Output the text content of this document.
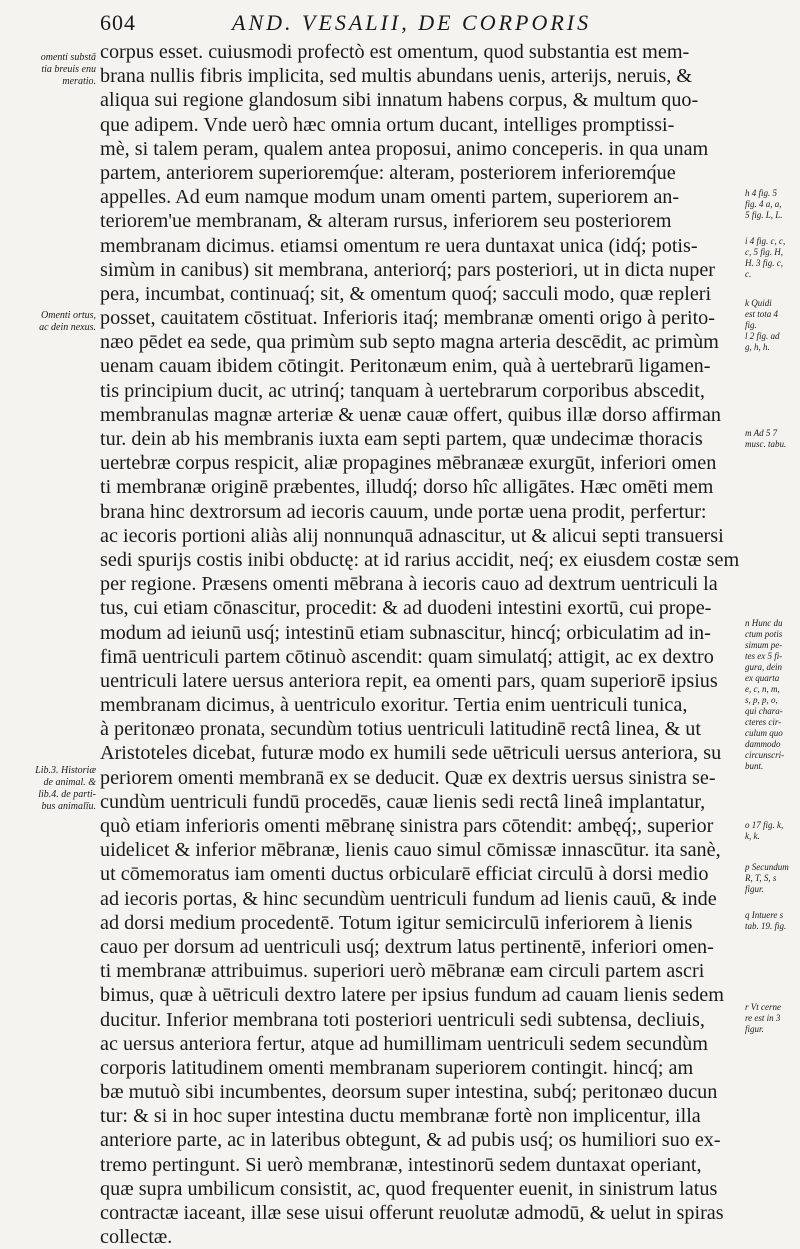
604	AND. VESALII, DE CORPORIS
corpus esset. cuiusmodi profectò est omentum, quod substantia est mem-
brana nullis fibris implicita, sed multis abundans uenis, arterijs, neruis, &
aliqua sui regione glandosum sibi innatum habens corpus, & multum quo-
que adipem. Vnde uerò hæc omnia ortum ducant, intelliges promptissi-
mè, si talem peram, qualem antea proposui, animo conceperis. in qua unam
partem, anteriorem superioremq́ue: alteram, posteriorem inferioremq́ue
appelles. Ad eum namque modum unam omenti partem, superiorem an-
teriorem'ue membranam, & alteram rursus, inferiorem seu posteriorem
membranam dicimus. etiamsi omentum re uera duntaxat unica (idq́; potis-
simùm in canibus) sit membrana, anteriorq́; pars posteriori, ut in dicta nuper
pera, incumbat, continuaq́; sit, & omentum quoq́; sacculi modo, quæ repleri
posset, cauitatem cōstituat. Inferioris itaq́; membranæ omenti origo à perito-
næo pēdet ea sede, qua primùm sub septo magna arteria descēdit, ac primùm
uenam cauam ibidem cōtingit. Peritonæum enim, quà à uertebrarū ligamen-
tis principium ducit, ac utrinq́; tanquam à uertebrarum corporibus abscedit,
membranulas magnæ arteriæ & uenæ cauæ offert, quibus illæ dorso affirman
tur. dein ab his membranis iuxta eam septi partem, quæ undecimæ thoracis
uertebræ corpus respicit, aliæ propagines mēbranææ exurgūt, inferiori omen
ti membranæ originē præbentes, illudq́; dorso hîc alligātes. Hæc omēti mem
brana hinc dextrorsum ad iecoris cauum, unde portæ uena prodit, perfertur:
ac iecoris portioni aliàs alij nonnunquā adnascitur, ut & alicui septi transuersi
sedi spurijs costis inibi obductę: at id rarius accidit, neq́; ex eiusdem costæ sem
per regione. Præsens omenti mēbrana à iecoris cauo ad dextrum uentriculi la
tus, cui etiam cōnascitur, procedit: & ad duodeni intestini exortū, cui prope-
modum ad ieiunū usq́; intestinū etiam subnascitur, hincq́; orbiculatim ad in-
fimā uentriculi partem cōtinuò ascendit: quam simulatq́; attigit, ac ex dextro
uentriculi latere uersus anteriora repit, ea omenti pars, quam superiorē ipsius
membranam dicimus, à uentriculo exoritur. Tertia enim uentriculi tunica,
à peritonæo pronata, secundùm totius uentriculi latitudinē rectâ linea, & ut
Aristoteles dicebat, futuræ modo ex humili sede uētriculi uersus anteriora, su
periorem omenti membranā ex se deducit. Quæ ex dextris uersus sinistra se-
cundùm uentriculi fundū procedēs, cauæ lienis sedi rectâ lineâ implantatur,
quò etiam inferioris omenti mēbranę sinistra pars cōtendit: ambęq́;, superior
uidelicet & inferior mēbranæ, lienis cauo simul cōmissæ innascūtur. ita sanè,
ut cōmemoratus iam omenti ductus orbicularē efficiat circulū à dorsi medio
ad iecoris portas, & hinc secundùm uentriculi fundum ad lienis cauū, & inde
ad dorsi medium procedentē. Totum igitur semicirculū inferiorem à lienis
cauo per dorsum ad uentriculi usq́; dextrum latus pertinentē, inferiori omen-
ti membranæ attribuimus. superiori uerò mēbranæ eam circuli partem ascri
bimus, quæ à uētriculi dextro latere per ipsius fundum ad cauam lienis sedem
ducitur. Inferior membrana toti posteriori uentriculi sedi subtensa, decliuis,
ac uersus anteriora fertur, atque ad humillimam uentriculi sedem secundùm
corporis latitudinem omenti membranam superiorem contingit. hincq́; am
bæ mutuò sibi incumbentes, deorsum super intestina, subq́; peritonæo ducun
tur: & si in hoc super intestina ductu membranæ fortè non implicentur, illa
anteriore parte, ac in lateribus obtegunt, & ad pubis usq́; os humiliori suo ex-
tremo pertingunt. Si uerò membranæ, intestinorū sedem duntaxat operiant,
quæ supra umbilicum consistit, ac, quod frequenter euenit, in sinistrum latus
contractæ iaceant, illæ sese uisui offerunt reuolutæ admodū, & uelut in spiras
collectæ.
omenti substā
tia breuis enu
meratio.
Omenti ortus,
ac dein nexus.
Lib.3. Historiæ
de animal. &
lib.4. de parti-
bus animalīu.
h 4 fig. 5
fig. 4 a, a,
5 fig. L, L.
i 4 fig. c, c,
c, 5 fig. H,
H. 3 fig. c,
c.
k Quidi
est tota 4
fig.
l 2 fig. ad
g, h, h.
m Ad 5 7
musc. tabu.
n Hunc du
ctum potis
simum pe-
tes ex 5 fi-
gura, dein
ex quarta
e, c, n, m,
s, p, p, o,
qui chara-
cteres cir-
culum quo
dammodo
circunscri-
bunt.
o 17 fig. k,
k, k.
p Secundum
R, T, S, s
figur.
q Intuere s
tab. 19. fig.
r Vt cerne
re est in 3
figur.
